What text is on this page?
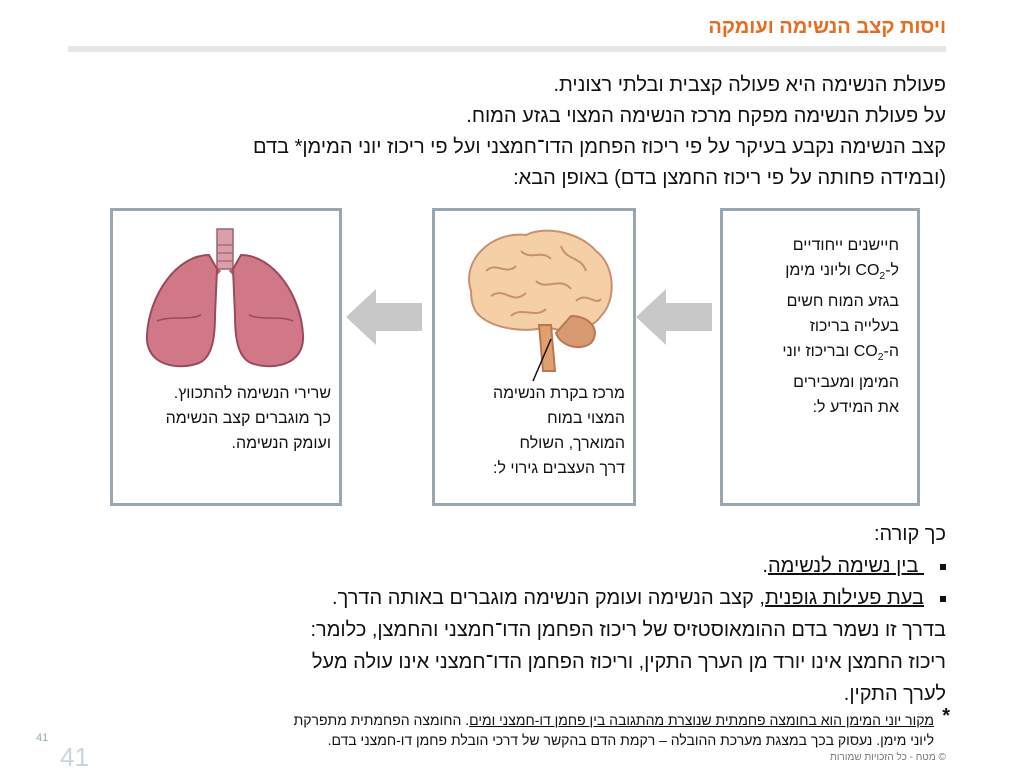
ויסות קצב הנשימה ועומקה
פעולת הנשימה היא פעולה קצבית ובלתי רצונית.
על פעולת הנשימה מפקח מרכז הנשימה המצוי בגזע המוח.
קצב הנשימה נקבע בעיקר על פי ריכוז הפחמן הדו־חמצני ועל פי ריכוז יוני המימן* בדם
(ובמידה פחותה על פי ריכוז החמצן בדם) באופן הבא:
חיישנים ייחודיים
$ל-CO_2$ וליוני מימן
בגזע המוח חשים
בעלייה בריכוז
$ה-CO_2$ ובריכוז יוני
המימן ומעבירים
את המידע ל:
מרכז בקרת הנשימה
המצוי במוח
המוארך, השולח
דרך העצבים גירוי ל:
שרירי הנשימה להתכווץ.
כך מוגברים קצב הנשימה
ועומק הנשימה.
כך קורה:
בין נשימה לנשימה.
בעת פעילות גופנית, קצב הנשימה ועומק הנשימה מוגברים באותה הדרך.
בדרך זו נשמר בדם ההומאוסטזיס של ריכוז הפחמן הדו־חמצני והחמצן, כלומר:
ריכוז החמצן אינו יורד מן הערך התקין, וריכוז הפחמן הדו־חמצני אינו עולה מעל
לערך התקין.
*
מקור יוני המימן הוא בחומצה פחמתית שנוצרת מהתגובה בין פחמן דו-חמצני ומים. החומצה הפחמתית מתפרקת
ליוני מימן. נעסוק בכך במצגת מערכת ההובלה – רקמת הדם בהקשר של דרכי הובלת פחמן דו-חמצני בדם.
41
41	© מטח - כל הזכויות שמורות
